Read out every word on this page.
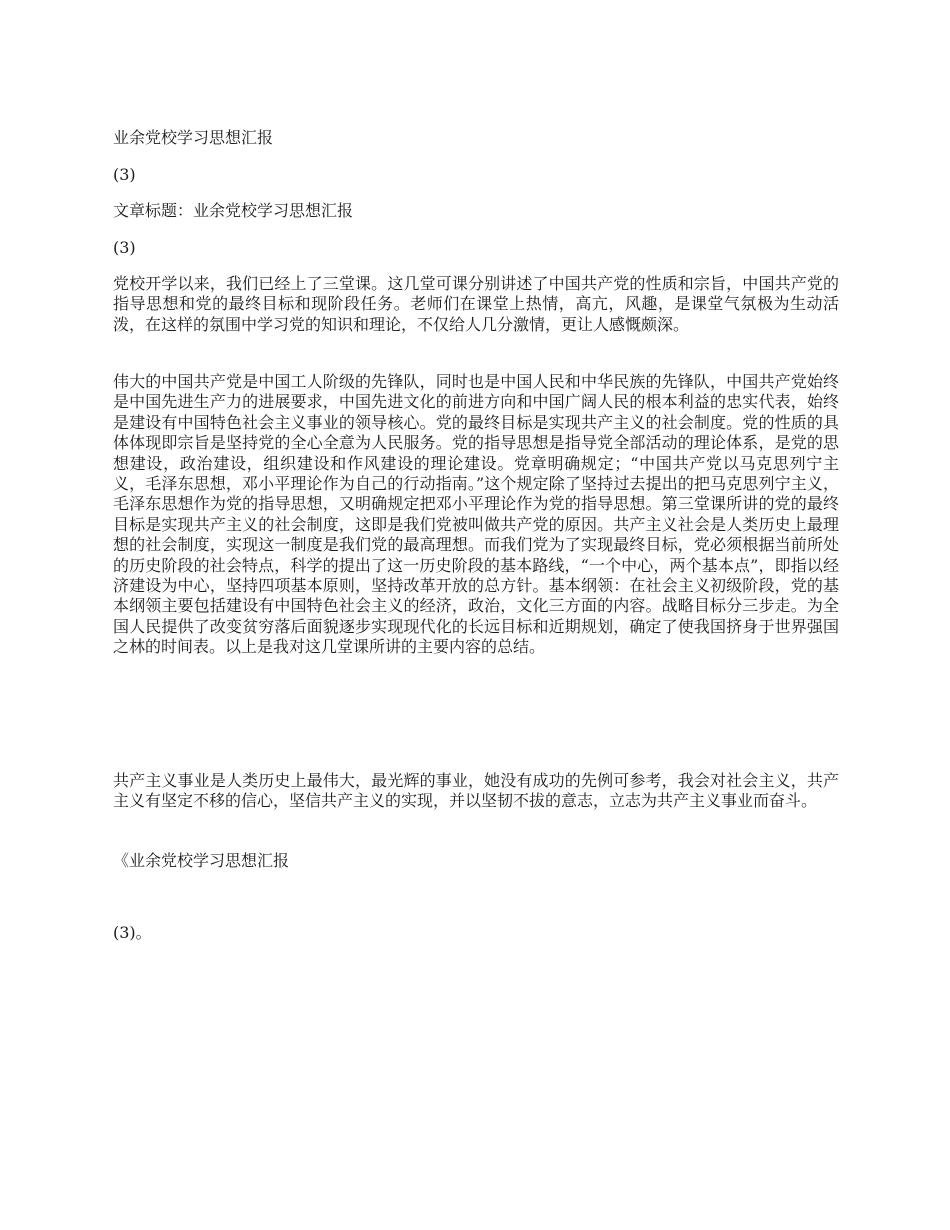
业余党校学习思想汇报

(3)

文章标题：业余党校学习思想汇报

(3)

党校开学以来，我们已经上了三堂课。这几堂可课分别讲述了中国共产党的性质和宗旨，中国共产党的指导思想和党的最终目标和现阶段任务。老师们在课堂上热情，高亢，风趣，是课堂气氛极为生动活泼，在这样的氛围中学习党的知识和理论，不仅给人几分激情，更让人感慨颇深。

伟大的中国共产党是中国工人阶级的先锋队，同时也是中国人民和中华民族的先锋队，中国共产党始终是中国先进生产力的进展要求，中国先进文化的前进方向和中国广阔人民的根本利益的忠实代表，始终是建设有中国特色社会主义事业的领导核心。党的最终目标是实现共产主义的社会制度。党的性质的具体体现即宗旨是坚持党的全心全意为人民服务。党的指导思想是指导党全部活动的理论体系，是党的思想建设，政治建设，组织建设和作风建设的理论建设。党章明确规定；“中国共产党以马克思列宁主义，毛泽东思想，邓小平理论作为自己的行动指南。”这个规定除了坚持过去提出的把马克思列宁主义，毛泽东思想作为党的指导思想，又明确规定把邓小平理论作为党的指导思想。第三堂课所讲的党的最终目标是实现共产主义的社会制度，这即是我们党被叫做共产党的原因。共产主义社会是人类历史上最理想的社会制度，实现这一制度是我们党的最高理想。而我们党为了实现最终目标，党必须根据当前所处的历史阶段的社会特点，科学的提出了这一历史阶段的基本路线，“一个中心，两个基本点”，即指以经济建设为中心，坚持四项基本原则，坚持改革开放的总方针。基本纲领：在社会主义初级阶段，党的基本纲领主要包括建设有中国特色社会主义的经济，政治，文化三方面的内容。战略目标分三步走。为全国人民提供了改变贫穷落后面貌逐步实现现代化的长远目标和近期规划，确定了使我国挤身于世界强国之林的时间表。以上是我对这几堂课所讲的主要内容的总结。

共产主义事业是人类历史上最伟大，最光辉的事业，她没有成功的先例可参考，我会对社会主义，共产主义有坚定不移的信心，坚信共产主义的实现，并以坚韧不拔的意志，立志为共产主义事业而奋斗。

《业余党校学习思想汇报

(3)。
